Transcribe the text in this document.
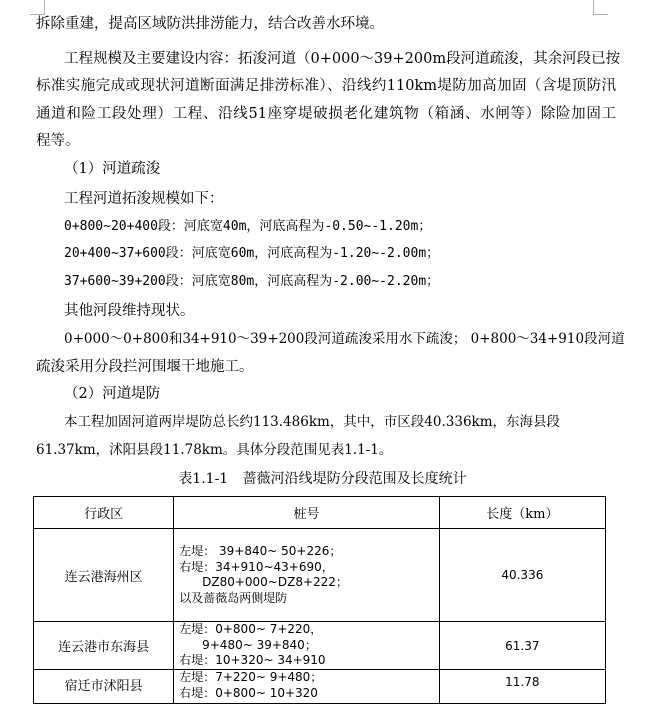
拆除重建，提高区域防洪排涝能力，结合改善水环境。
工程规模及主要建设内容：拓浚河道（0+000～39+200m段河道疏浚，其余河段已按
标准实施完成或现状河道断面满足排涝标准）、沿线约110km堤防加高加固（含堤顶防汛
通道和险工段处理）工程、沿线51座穿堤破损老化建筑物（箱涵、水闸等）除险加固工
程等。
（1）河道疏浚
工程河道拓浚规模如下：
0+800~20+400段：河底宽40m，河底高程为-0.50~-1.20m；
20+400~37+600段：河底宽60m，河底高程为-1.20~-2.00m；
37+600~39+200段：河底宽80m，河底高程为-2.00~-2.20m；
其他河段维持现状。
0+000～0+800和34+910～39+200段河道疏浚采用水下疏浚； 0+800～34+910段河道
疏浚采用分段拦河围堰干地施工。
（2）河道堤防
本工程加固河道两岸堤防总长约113.486km，其中，市区段40.336km，东海县段
61.37km，沭阳县段11.78km。具体分段范围见表1.1-1。
表1.1-1 蔷薇河沿线堤防分段范围及长度统计
行政区	桩号	长度（km）
连云港海州区	左堤： 39+840~ 50+226；
右堤：34+910~43+690，
DZ80+000~DZ8+222；
以及蔷薇岛两侧堤防	40.336
连云港市东海县	左堤：0+800~ 7+220，
9+480~ 39+840；
右堤：10+320~ 34+910	61.37
宿迁市沭阳县	左堤：7+220~ 9+480；
右堤：0+800~ 10+320	11.78
